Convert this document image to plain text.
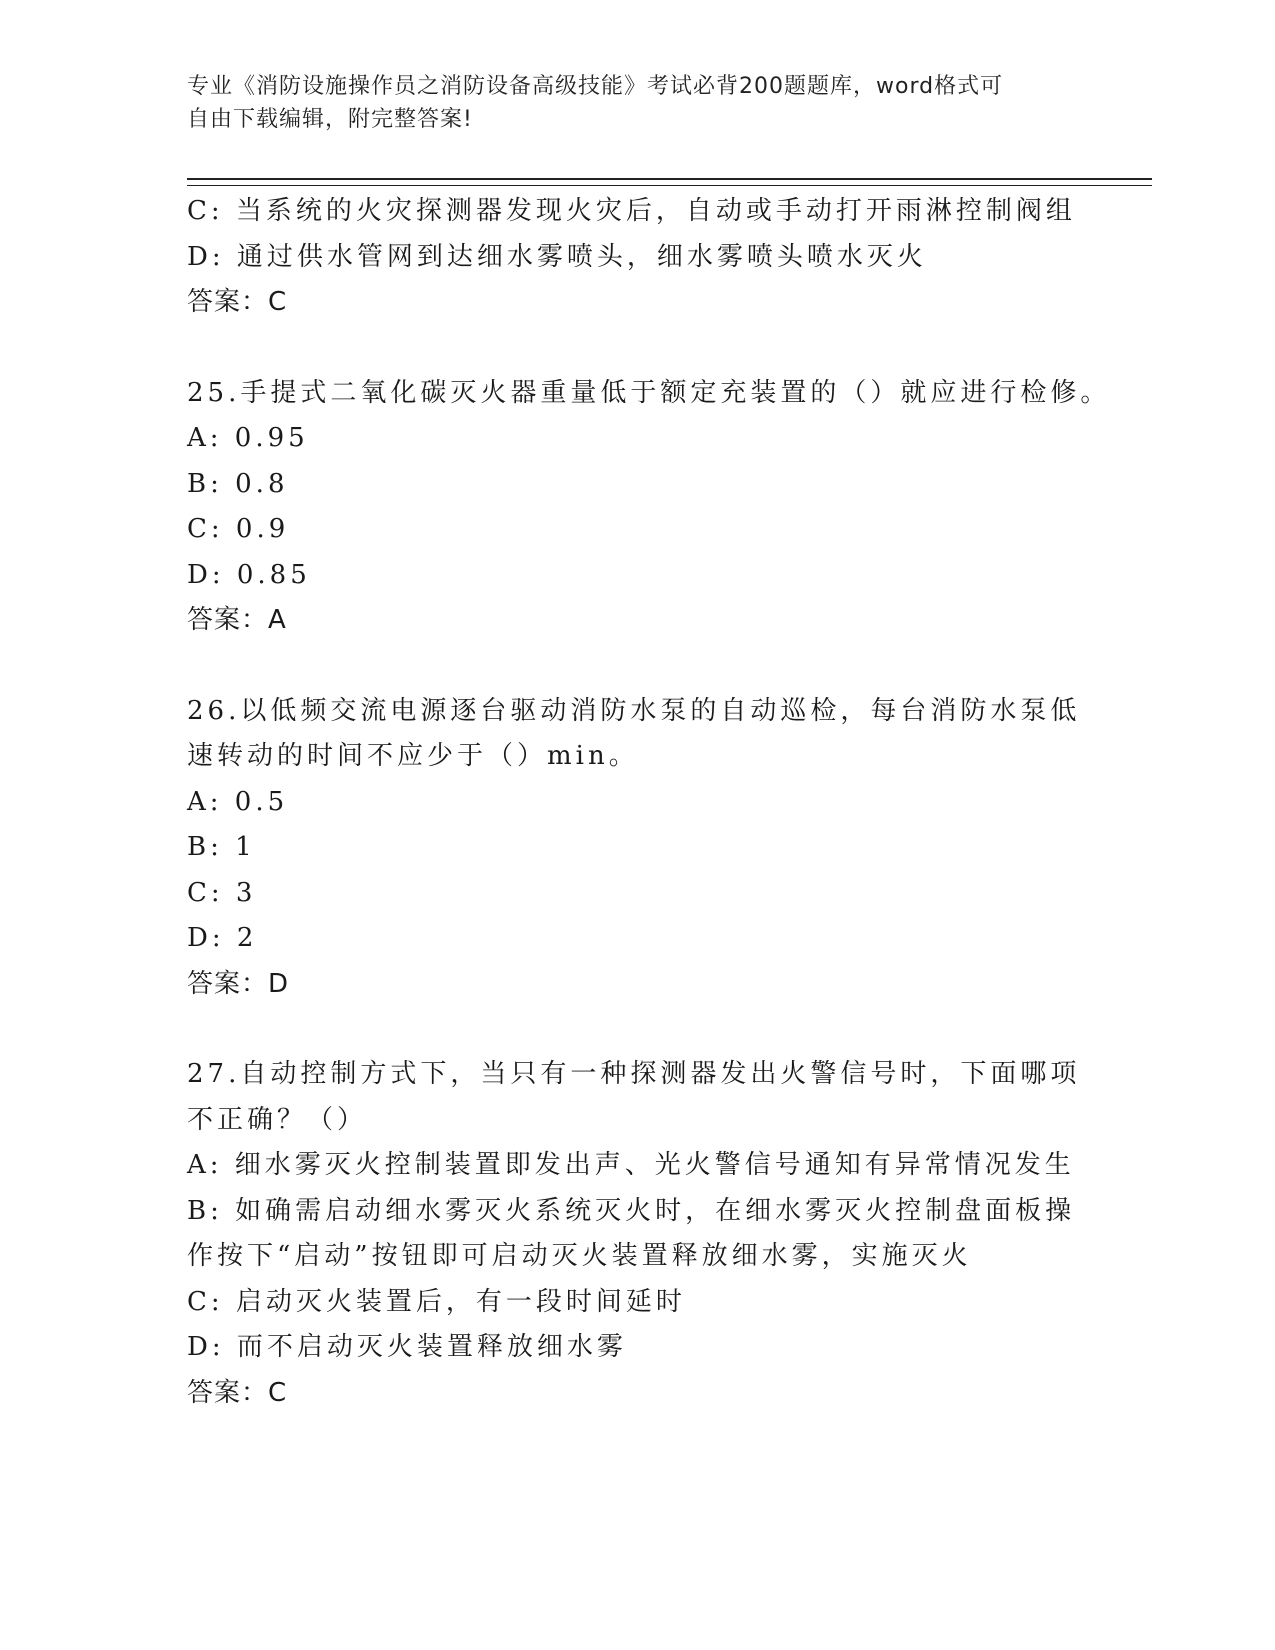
专业《消防设施操作员之消防设备高级技能》考试必背200题题库，word格式可
自由下载编辑，附完整答案!
C: 当系统的火灾探测器发现火灾后，自动或手动打开雨淋控制阀组
D: 通过供水管网到达细水雾喷头，细水雾喷头喷水灭火
答案：C
25.手提式二氧化碳灭火器重量低于额定充装置的（）就应进行检修。
A: 0.95
B: 0.8
C: 0.9
D: 0.85
答案：A
26.以低频交流电源逐台驱动消防水泵的自动巡检，每台消防水泵低速转动的时间不应少于（）min。
A: 0.5
B: 1
C: 3
D: 2
答案：D
27.自动控制方式下，当只有一种探测器发出火警信号时，下面哪项不正确？（）
A: 细水雾灭火控制装置即发出声、光火警信号通知有异常情况发生
B: 如确需启动细水雾灭火系统灭火时，在细水雾灭火控制盘面板操作按下“启动”按钮即可启动灭火装置释放细水雾，实施灭火
C: 启动灭火装置后，有一段时间延时
D: 而不启动灭火装置释放细水雾
答案：C
